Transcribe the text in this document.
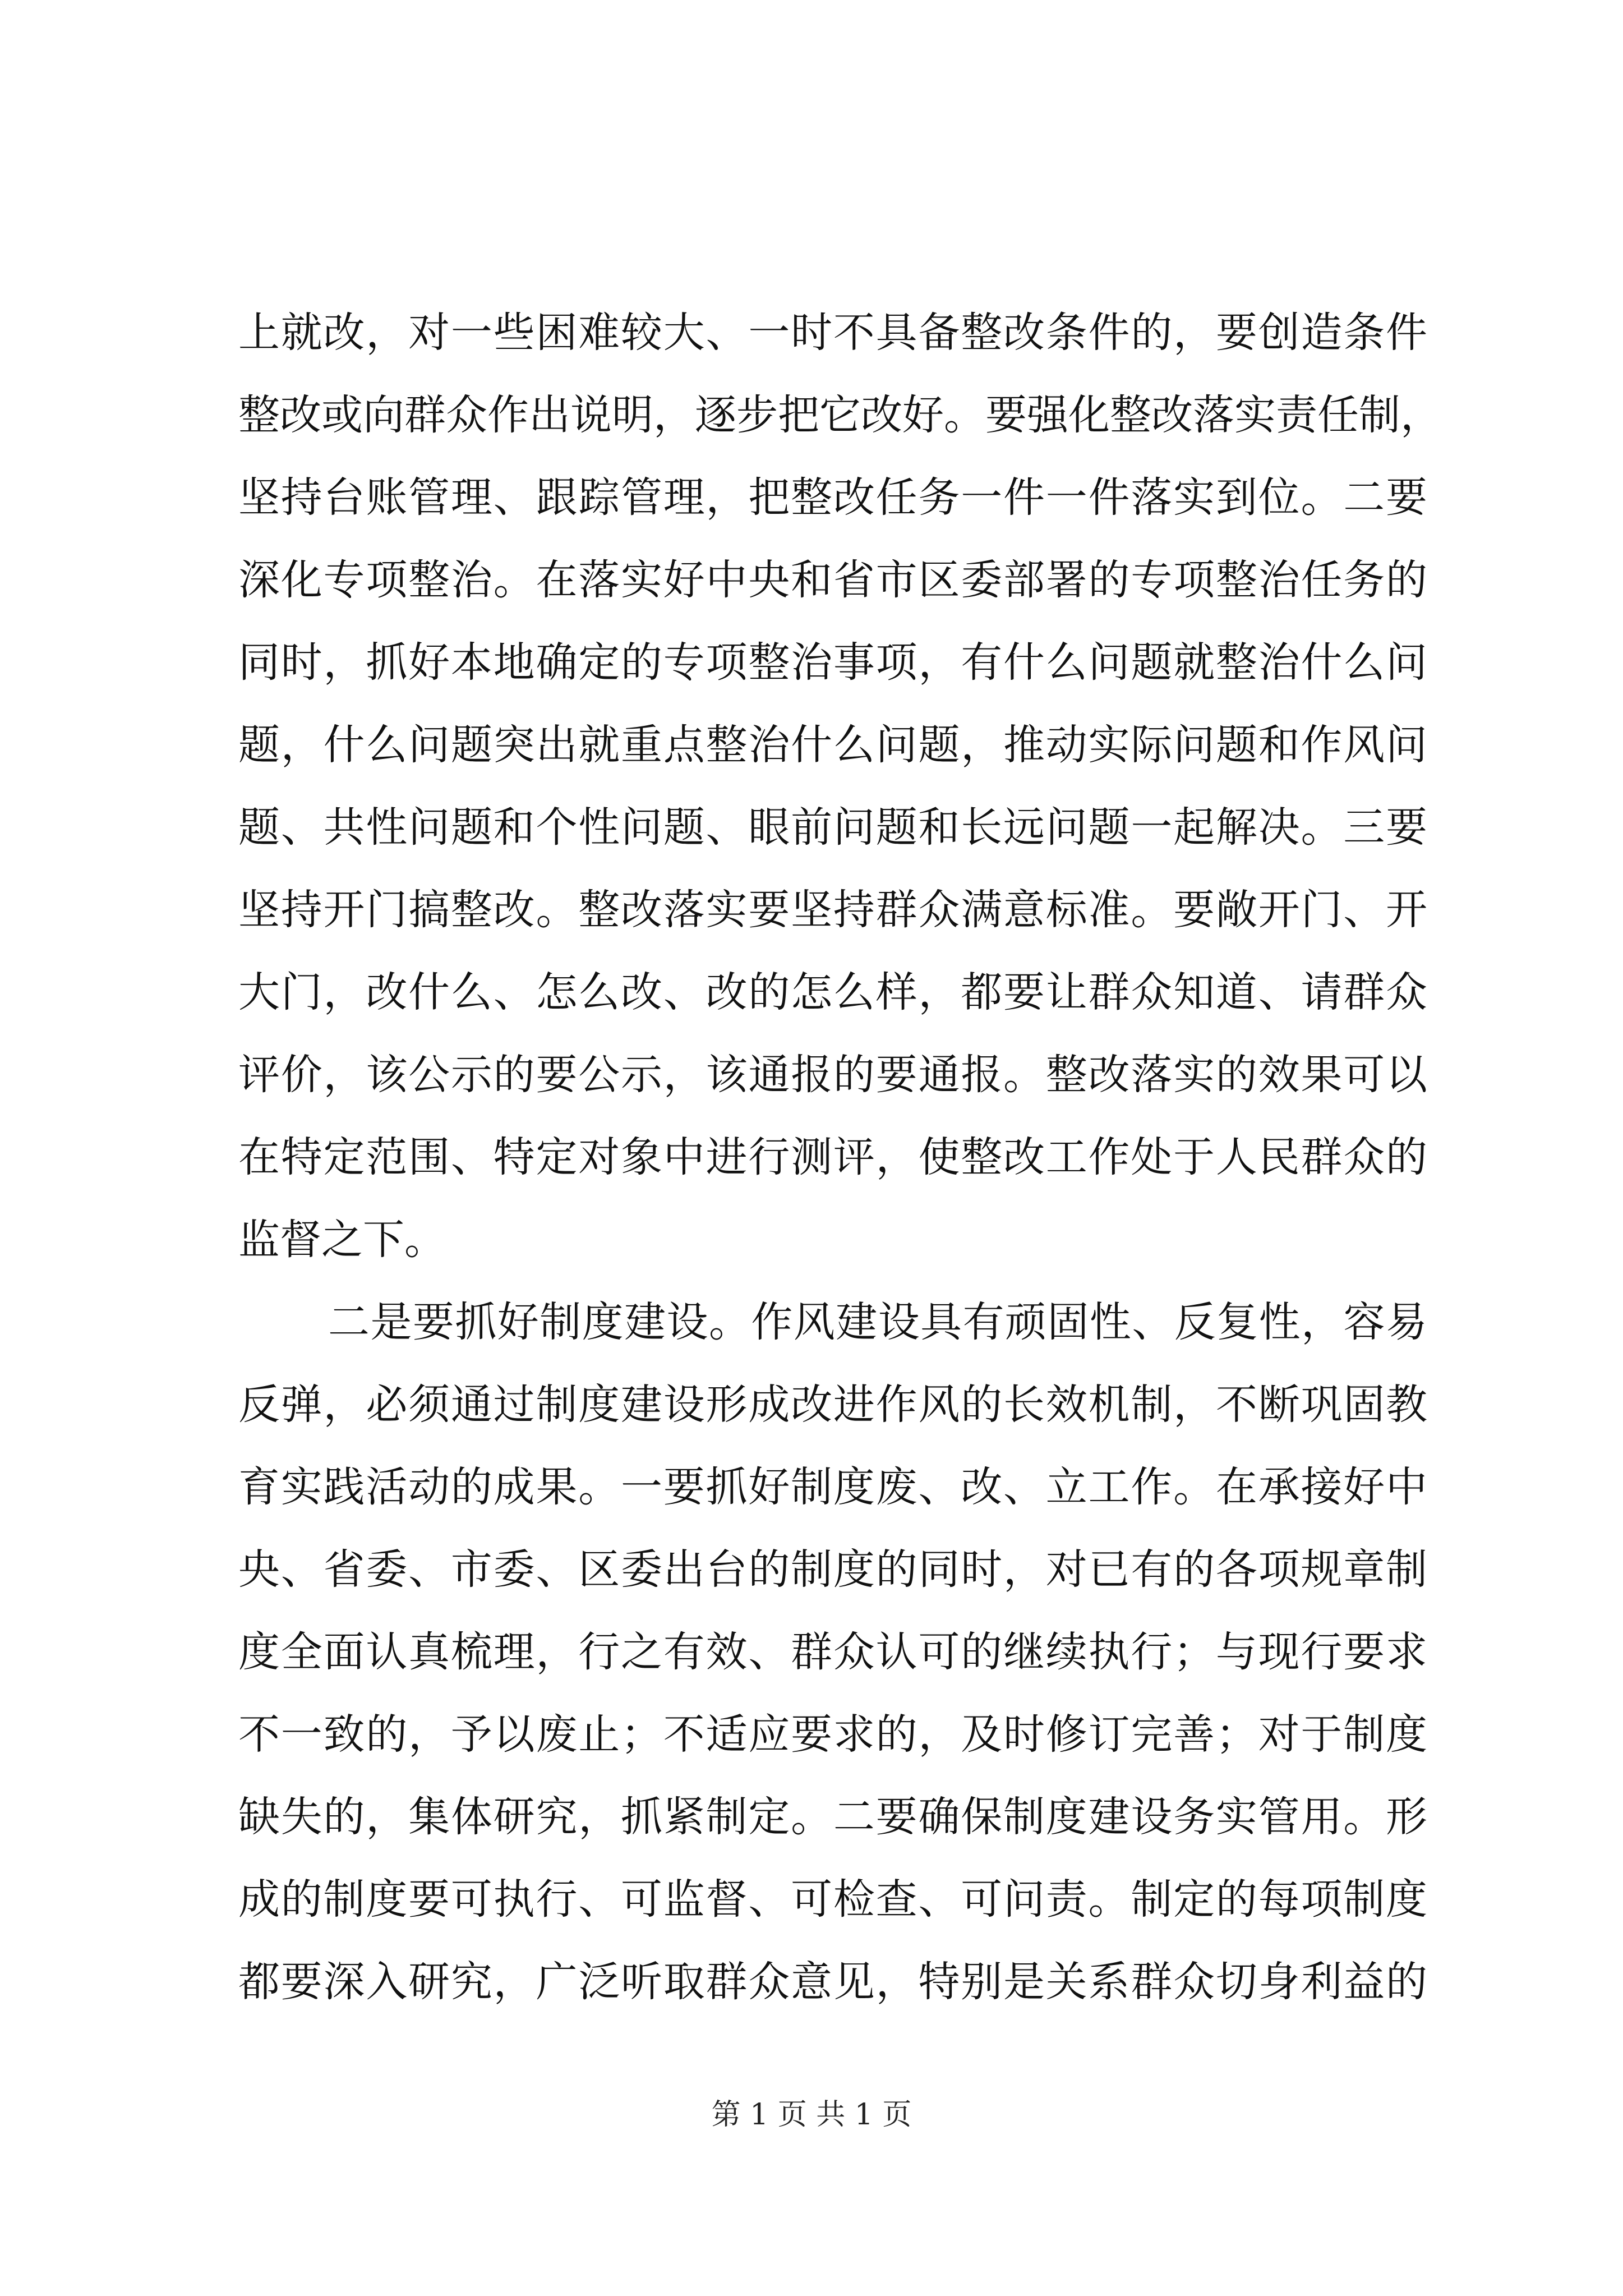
上就改，对一些困难较大、一时不具备整改条件的，要创造条件
整改或向群众作出说明，逐步把它改好。要强化整改落实责任制，
坚持台账管理、跟踪管理，把整改任务一件一件落实到位。二要
深化专项整治。在落实好中央和省市区委部署的专项整治任务的
同时，抓好本地确定的专项整治事项，有什么问题就整治什么问
题，什么问题突出就重点整治什么问题，推动实际问题和作风问
题、共性问题和个性问题、眼前问题和长远问题一起解决。三要
坚持开门搞整改。整改落实要坚持群众满意标准。要敞开门、开
大门，改什么、怎么改、改的怎么样，都要让群众知道、请群众
评价，该公示的要公示，该通报的要通报。整改落实的效果可以
在特定范围、特定对象中进行测评，使整改工作处于人民群众的
监督之下。
二是要抓好制度建设。作风建设具有顽固性、反复性，容易
反弹，必须通过制度建设形成改进作风的长效机制，不断巩固教
育实践活动的成果。一要抓好制度废、改、立工作。在承接好中
央、省委、市委、区委出台的制度的同时，对已有的各项规章制
度全面认真梳理，行之有效、群众认可的继续执行；与现行要求
不一致的，予以废止；不适应要求的，及时修订完善；对于制度
缺失的，集体研究，抓紧制定。二要确保制度建设务实管用。形
成的制度要可执行、可监督、可检查、可问责。制定的每项制度
都要深入研究，广泛听取群众意见，特别是关系群众切身利益的
第 1 页 共 1 页
